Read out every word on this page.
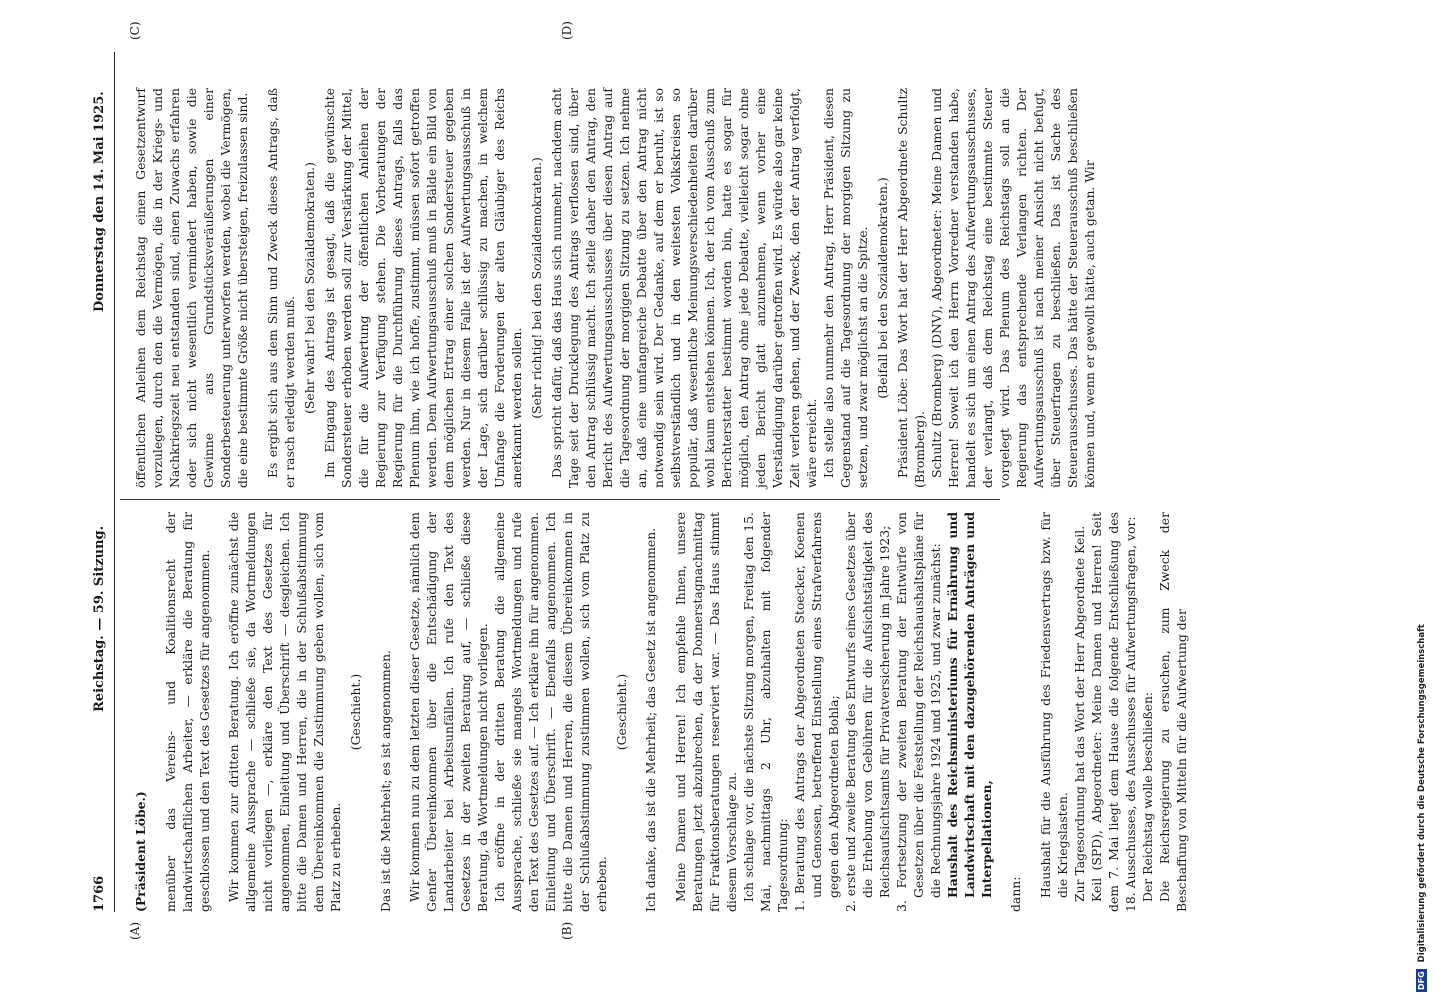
1766
Reichstag. — 59. Sitzung.
Donnerstag den 14. Mai 1925.
(A)	(B)
(C)	(D)

(Präsident Löbe.) menüber das Vereins- und Koalitionsrecht der landwirtschaftlichen Arbeiter, — erkläre die Beratung für geschlossen und den Text des Gesetzes für angenommen. Wir kommen zur dritten Beratung. Ich eröffne zunächst die allgemeine Aussprache — schließe sie, da Wortmeldungen nicht vorliegen —, erkläre den Text des Gesetzes für angenommen, Einleitung und Überschrift — desgleichen. Ich bitte die Damen und Herren, die in der Schlußabstimmung dem Übereinkommen die Zustimmung geben wollen, sich vom Platz zu erheben.

(Geschieht.) Das ist die Mehrheit; es ist angenommen. Wir kommen nun zu dem letzten dieser Gesetze, nämlich dem Genfer Übereinkommen über die Entschädigung der Landarbeiter bei Arbeitsunfällen. Ich rufe den Text des Gesetzes in der zweiten Beratung auf, — schließe diese Beratung, da Wortmeldungen nicht vorliegen. Ich eröffne in der dritten Beratung die allgemeine Aussprache, schließe sie mangels Wortmeldungen und rufe den Text des Gesetzes auf. — Ich erkläre ihn für angenommen. Einleitung und Überschrift. — Ebenfalls angenommen. Ich bitte die Damen und Herren, die diesem Übereinkommen in der Schlußabstimmung zustimmen wollen, sich vom Platz zu erheben.

(Geschieht.) Ich danke, das ist die Mehrheit; das Gesetz ist angenommen. Meine Damen und Herren! Ich empfehle Ihnen, unsere Beratungen jetzt abzubrechen, da der Donnerstagnachmittag für Fraktionsberatungen reserviert war. — Das Haus stimmt diesem Vorschlage zu. Ich schlage vor, die nächste Sitzung morgen, Freitag den 15. Mai, nachmittags 2 Uhr, abzuhalten mit folgender Tagesordnung: 1. Beratung des Antrags der Abgeordneten Stoecker, Koenen und Genossen, betreffend Einstellung eines Strafverfahrens gegen den Abgeordneten Bohla; 2. erste und zweite Beratung des Entwurfs eines Gesetzes über die Erhebung von Gebühren für die Aufsichtstätigkeit des Reichsaufsichtsamts für Privatversicherung im Jahre 1923; 3. Fortsetzung der zweiten Beratung der Entwürfe von Gesetzen über die Feststellung der Reichshaushaltspläne für die Rechnungsjahre 1924 und 1925, und zwar zunächst: Haushalt des Reichsministeriums für Ernährung und Landwirtschaft mit den dazugehörenden Anträgen und Interpellationen, dann: Haushalt für die Ausführung des Friedensvertrags bzw. für die Kriegslasten. Zur Tagesordnung hat das Wort der Herr Abgeordnete Keil. Keil (SPD), Abgeordneter: Meine Damen und Herren! Seit dem 7. Mai liegt dem Hause die folgende Entschließung des 18. Ausschusses, des Ausschusses für Aufwertungsfragen, vor: Der Reichstag wolle beschließen: Die Reichsregierung zu ersuchen, zum Zweck der Beschaffung von Mitteln für die Aufwertung der

öffentlichen Anleihen dem Reichstag einen Gesetzentwurf vorzulegen, durch den die Vermögen, die in der Kriegs- und Nachkriegszeit neu entstanden sind, einen Zuwachs erfahren oder sich nicht wesentlich vermindert haben, sowie die Gewinne aus Grundstücksveräußerungen einer Sonderbesteuerung unterworfen werden, wobei die Vermögen, die eine bestimmte Größe nicht übersteigen, freizulassen sind. Es ergibt sich aus dem Sinn und Zweck dieses Antrags, daß er rasch erledigt werden muß. (Sehr wahr! bei den Sozialdemokraten.) Im Eingang des Antrags ist gesagt, daß die gewünschte Sondersteuer erhoben werden soll zur Verstärkung der Mittel, die für die Aufwertung der öffentlichen Anleihen der Regierung zur Verfügung stehen. Die Vorberatungen der Regierung für die Durchführung dieses Antrags, falls das Plenum ihm, wie ich hoffe, zustimmt, müssen sofort getroffen werden. Dem Aufwertungsausschuß muß in Bälde ein Bild von dem möglichen Ertrag einer solchen Sondersteuer gegeben werden. Nur in diesem Falle ist der Aufwertungsausschuß in der Lage, sich darüber schlüssig zu machen, in welchem Umfange die Forderungen der alten Gläubiger des Reichs anerkannt werden sollen. (Sehr richtig! bei den Sozialdemokraten.) Das spricht dafür, daß das Haus sich nunmehr, nachdem acht Tage seit der Drucklegung des Antrags verflossen sind, über den Antrag schlüssig macht. Ich stelle daher den Antrag, den Bericht des Aufwertungsausschusses über diesen Antrag auf die Tagesordnung der morgigen Sitzung zu setzen. Ich nehme an, daß eine umfangreiche Debatte über den Antrag nicht notwendig sein wird. Der Gedanke, auf dem er beruht, ist so selbstverständlich und in den weitesten Volkskreisen so populär, daß wesentliche Meinungsverschiedenheiten darüber wohl kaum entstehen können. Ich, der ich vom Ausschuß zum Berichterstatter bestimmt worden bin, hatte es sogar für möglich, den Antrag ohne jede Debatte, vielleicht sogar ohne jeden Bericht glatt anzunehmen, wenn vorher eine Verständigung darüber getroffen wird. Es würde also gar keine Zeit verloren gehen, und der Zweck, den der Antrag verfolgt, wäre erreicht. Ich stelle also nunmehr den Antrag, Herr Präsident, diesen Gegenstand auf die Tagesordnung der morgigen Sitzung zu setzen, und zwar möglichst an die Spitze. (Beifall bei den Sozialdemokraten.) Präsident Löbe: Das Wort hat der Herr Abgeordnete Schultz (Bromberg). Schultz (Bromberg) (DNV), Abgeordneter: Meine Damen und Herren! Soweit ich den Herrn Vorredner verstanden habe, handelt es sich um einen Antrag des Aufwertungsausschusses, der verlangt, daß dem Reichstag eine bestimmte Steuer vorgelegt wird. Das Plenum des Reichstags soll an die Regierung das entsprechende Verlangen richten. Der Aufwertungsausschuß ist nach meiner Ansicht nicht befugt, über Steuerfragen zu beschließen. Das ist Sache des Steuerausschusses. Das hätte der Steuerausschuß beschließen können und, wenn er gewollt hätte, auch getan. Wir

DFG Digitalisierung gefördert durch die Deutsche Forschungsgemeinschaft
